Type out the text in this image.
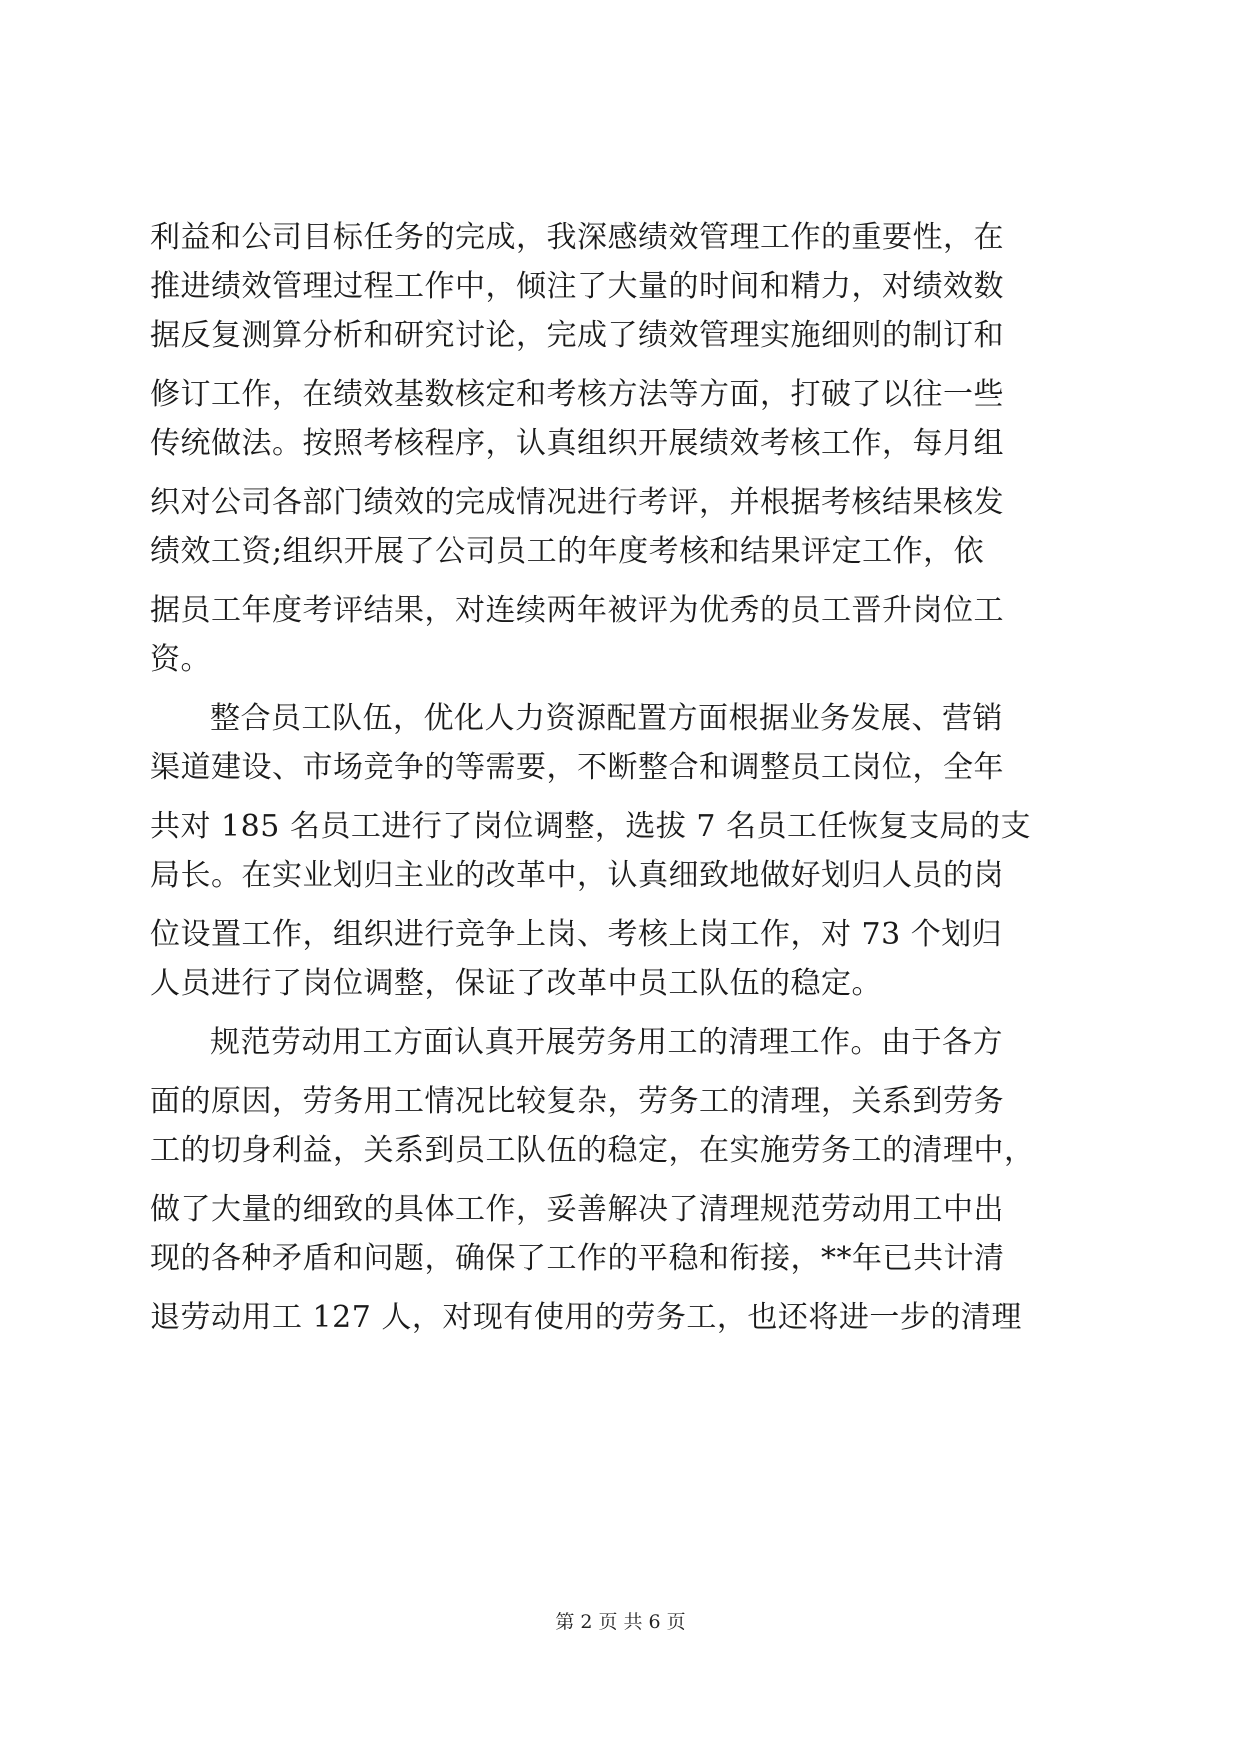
利益和公司目标任务的完成，我深感绩效管理工作的重要性，在
推进绩效管理过程工作中，倾注了大量的时间和精力，对绩效数
据反复测算分析和研究讨论，完成了绩效管理实施细则的制订和
修订工作，在绩效基数核定和考核方法等方面，打破了以往一些
传统做法。按照考核程序，认真组织开展绩效考核工作，每月组
织对公司各部门绩效的完成情况进行考评，并根据考核结果核发
绩效工资;组织开展了公司员工的年度考核和结果评定工作，依
据员工年度考评结果，对连续两年被评为优秀的员工晋升岗位工
资。
整合员工队伍，优化人力资源配置方面根据业务发展、营销
渠道建设、市场竞争的等需要，不断整合和调整员工岗位，全年
共对 185 名员工进行了岗位调整，选拔 7 名员工任恢复支局的支
局长。在实业划归主业的改革中，认真细致地做好划归人员的岗
位设置工作，组织进行竞争上岗、考核上岗工作，对 73 个划归
人员进行了岗位调整，保证了改革中员工队伍的稳定。
规范劳动用工方面认真开展劳务用工的清理工作。由于各方
面的原因，劳务用工情况比较复杂，劳务工的清理，关系到劳务
工的切身利益，关系到员工队伍的稳定，在实施劳务工的清理中，
做了大量的细致的具体工作，妥善解决了清理规范劳动用工中出
现的各种矛盾和问题，确保了工作的平稳和衔接，**年已共计清
退劳动用工 127 人，对现有使用的劳务工，也还将进一步的清理
第 2 页 共 6 页
